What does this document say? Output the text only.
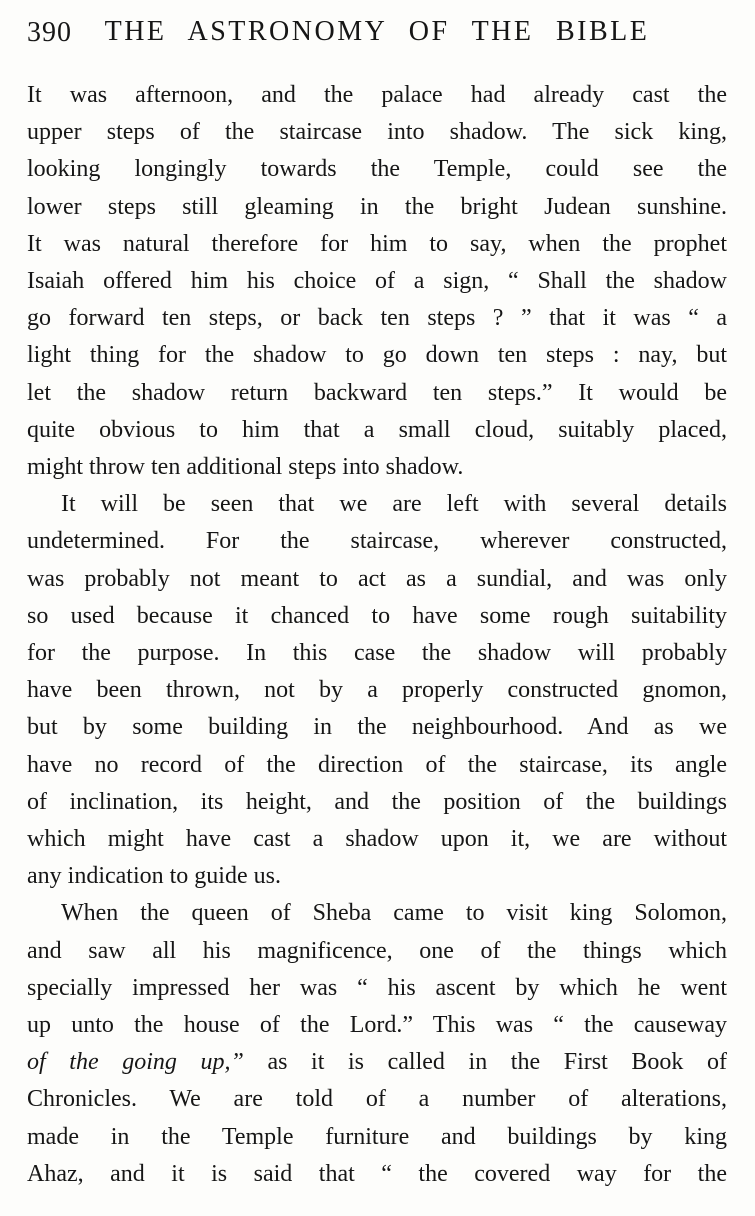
390	THE ASTRONOMY OF THE BIBLE
It was afternoon, and the palace had already cast the
upper steps of the staircase into shadow. The sick king,
looking longingly towards the Temple, could see the
lower steps still gleaming in the bright Judean sunshine.
It was natural therefore for him to say, when the prophet
Isaiah offered him his choice of a sign, “ Shall the shadow
go forward ten steps, or back ten steps ? ” that it was “ a
light thing for the shadow to go down ten steps : nay, but
let the shadow return backward ten steps.” It would be
quite obvious to him that a small cloud, suitably placed,
might throw ten additional steps into shadow.
It will be seen that we are left with several details
undetermined. For the staircase, wherever constructed,
was probably not meant to act as a sundial, and was only
so used because it chanced to have some rough suitability
for the purpose. In this case the shadow will probably
have been thrown, not by a properly constructed gnomon,
but by some building in the neighbourhood. And as we
have no record of the direction of the staircase, its angle
of inclination, its height, and the position of the buildings
which might have cast a shadow upon it, we are without
any indication to guide us.
When the queen of Sheba came to visit king Solomon,
and saw all his magnificence, one of the things which
specially impressed her was “ his ascent by which he went
up unto the house of the Lord.” This was “ the causeway
of the going up,” as it is called in the First Book of
Chronicles. We are told of a number of alterations,
made in the Temple furniture and buildings by king
Ahaz, and it is said that “ the covered way for the
